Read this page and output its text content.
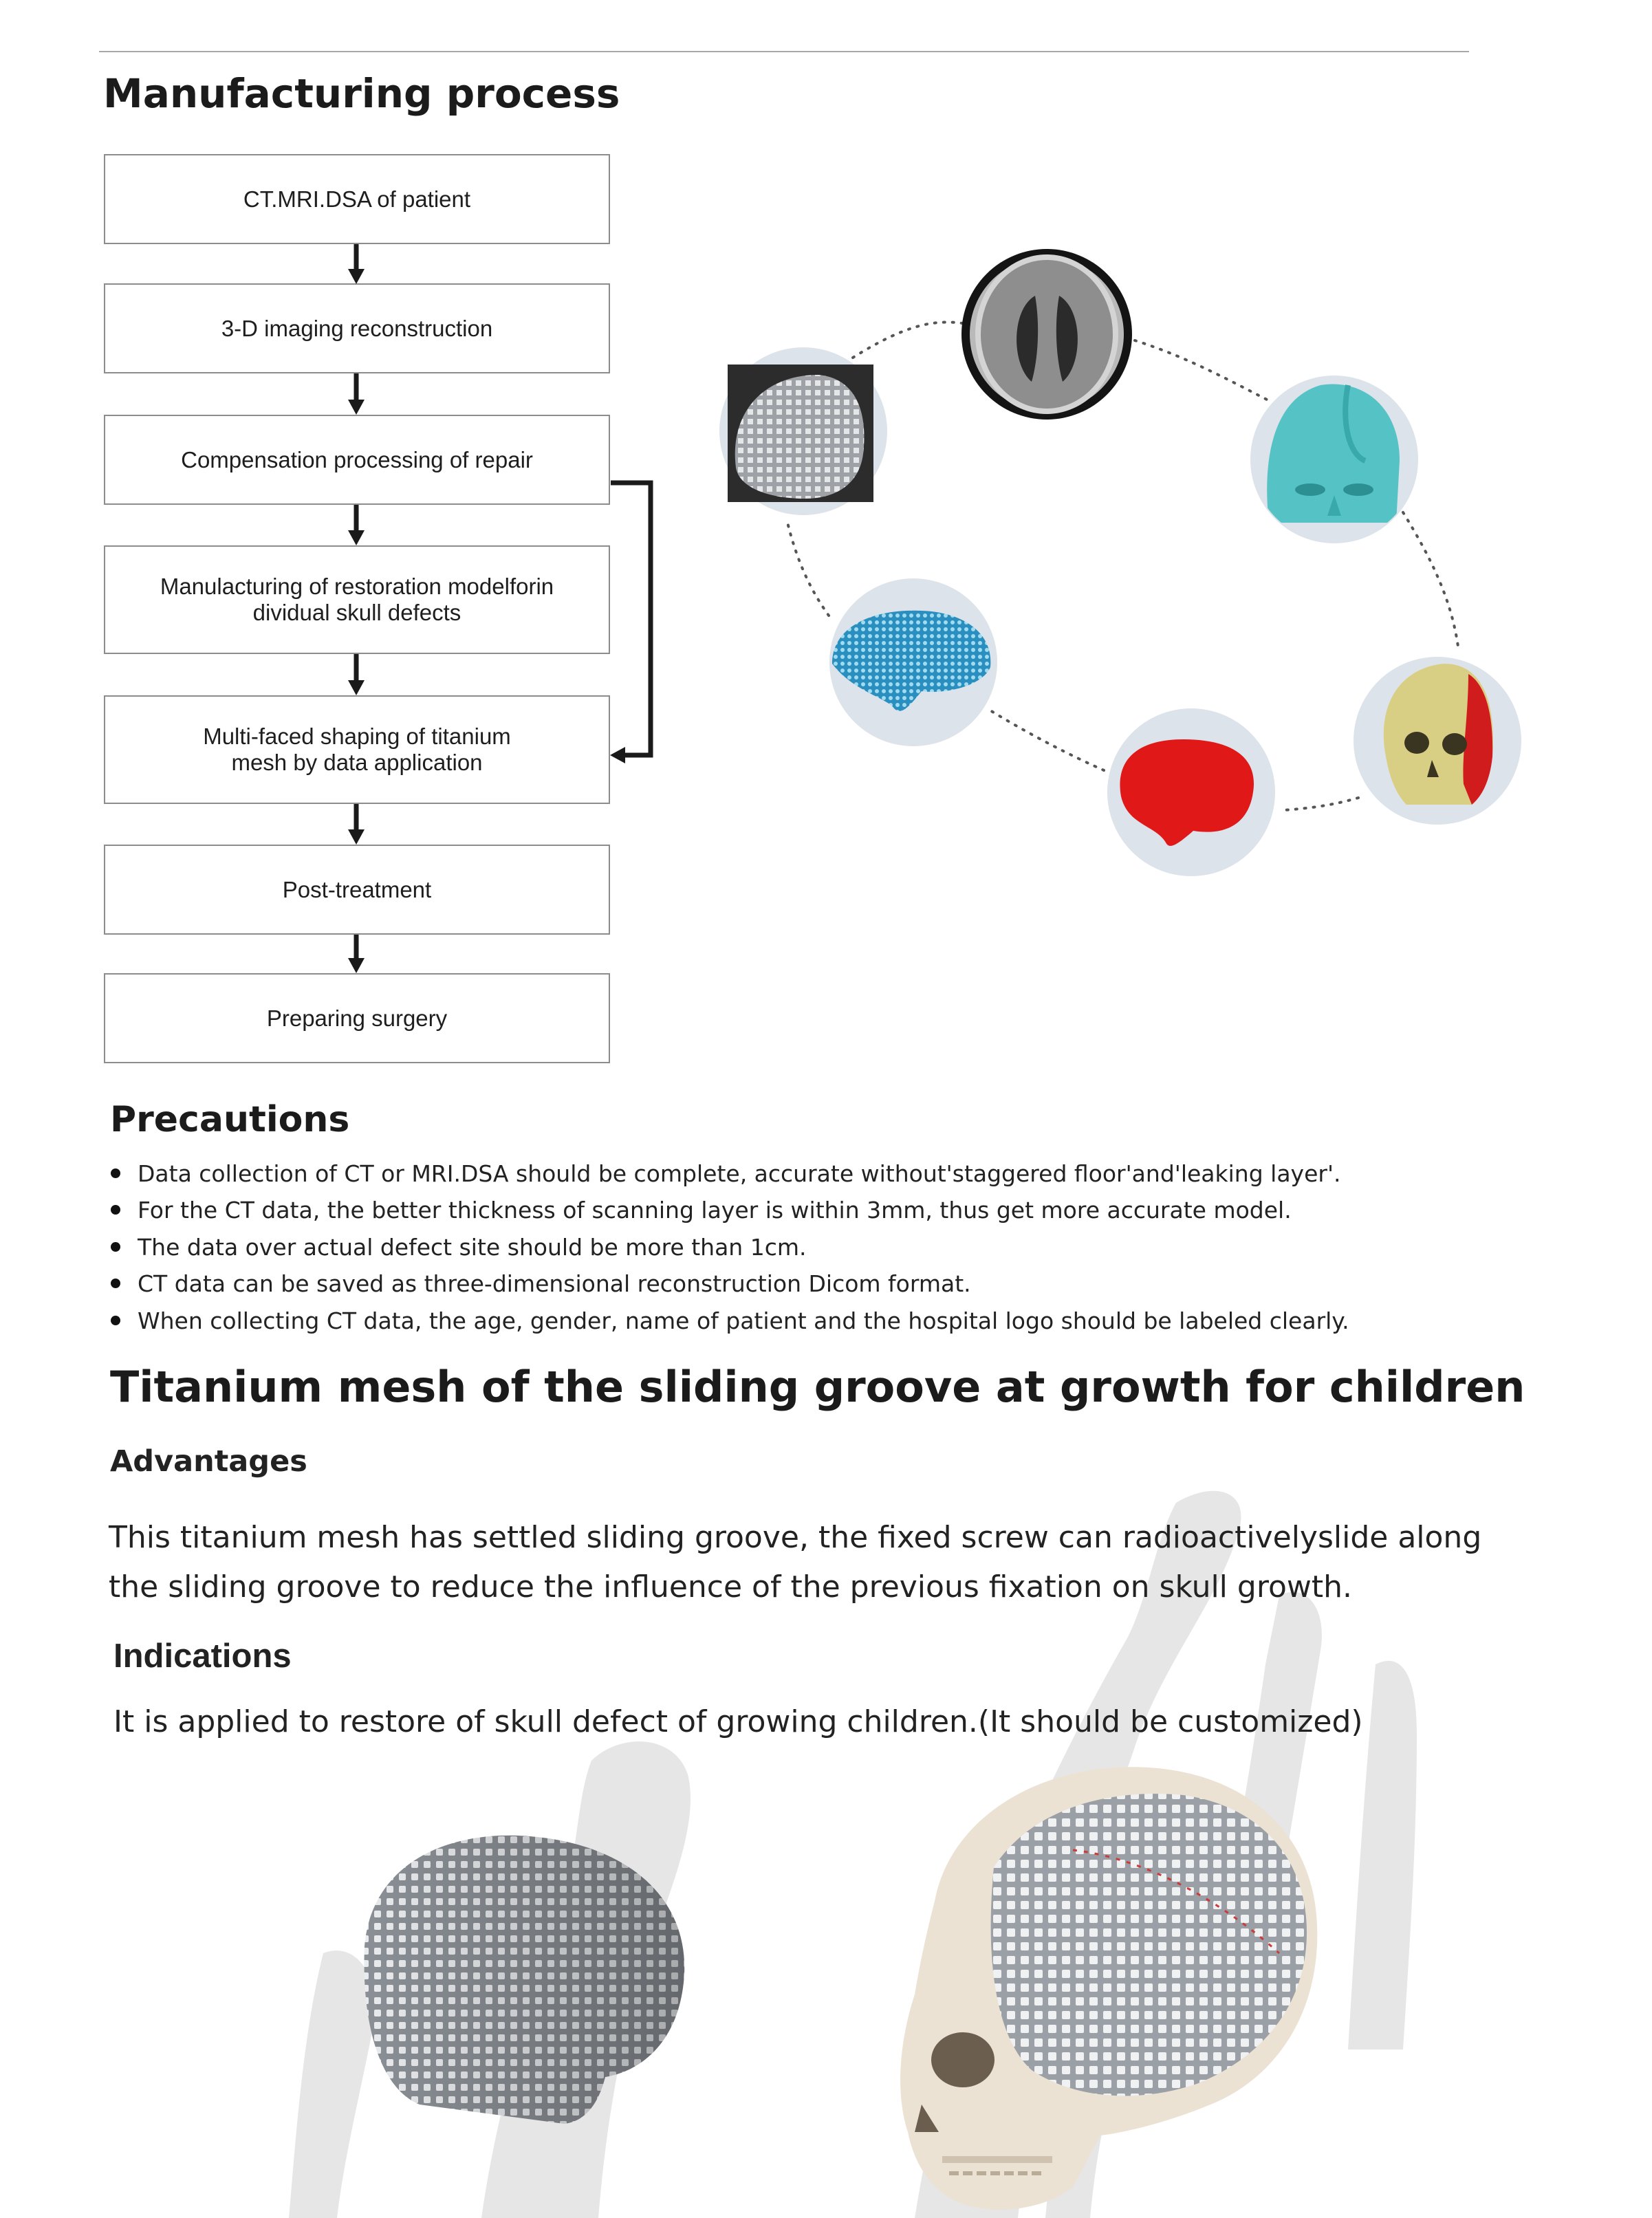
Manufacturing process
CT.MRI.DSA of patient
3-D imaging reconstruction
Compensation processing of repair
Manulacturing of restoration modelforin
dividual skull defects
Multi-faced shaping of titanium
mesh by data application
Post-treatment
Preparing surgery
Precautions
Data collection of CT or MRI.DSA should be complete, accurate without'staggered floor'and'leaking layer'.
For the CT data, the better thickness of scanning layer is within 3mm, thus get more accurate model.
The data over actual defect site should be more than 1cm.
CT data can be saved as three-dimensional reconstruction Dicom format.
When collecting CT data, the age, gender, name of patient and the hospital logo should be labeled clearly.
Titanium mesh of the sliding groove at growth for children
Advantages
This titanium mesh has settled sliding groove, the fixed screw can radioactivelyslide along the sliding groove to reduce the influence of the previous fixation on skull growth.
Indications
It is applied to restore of skull defect of growing children.(It should be customized)
